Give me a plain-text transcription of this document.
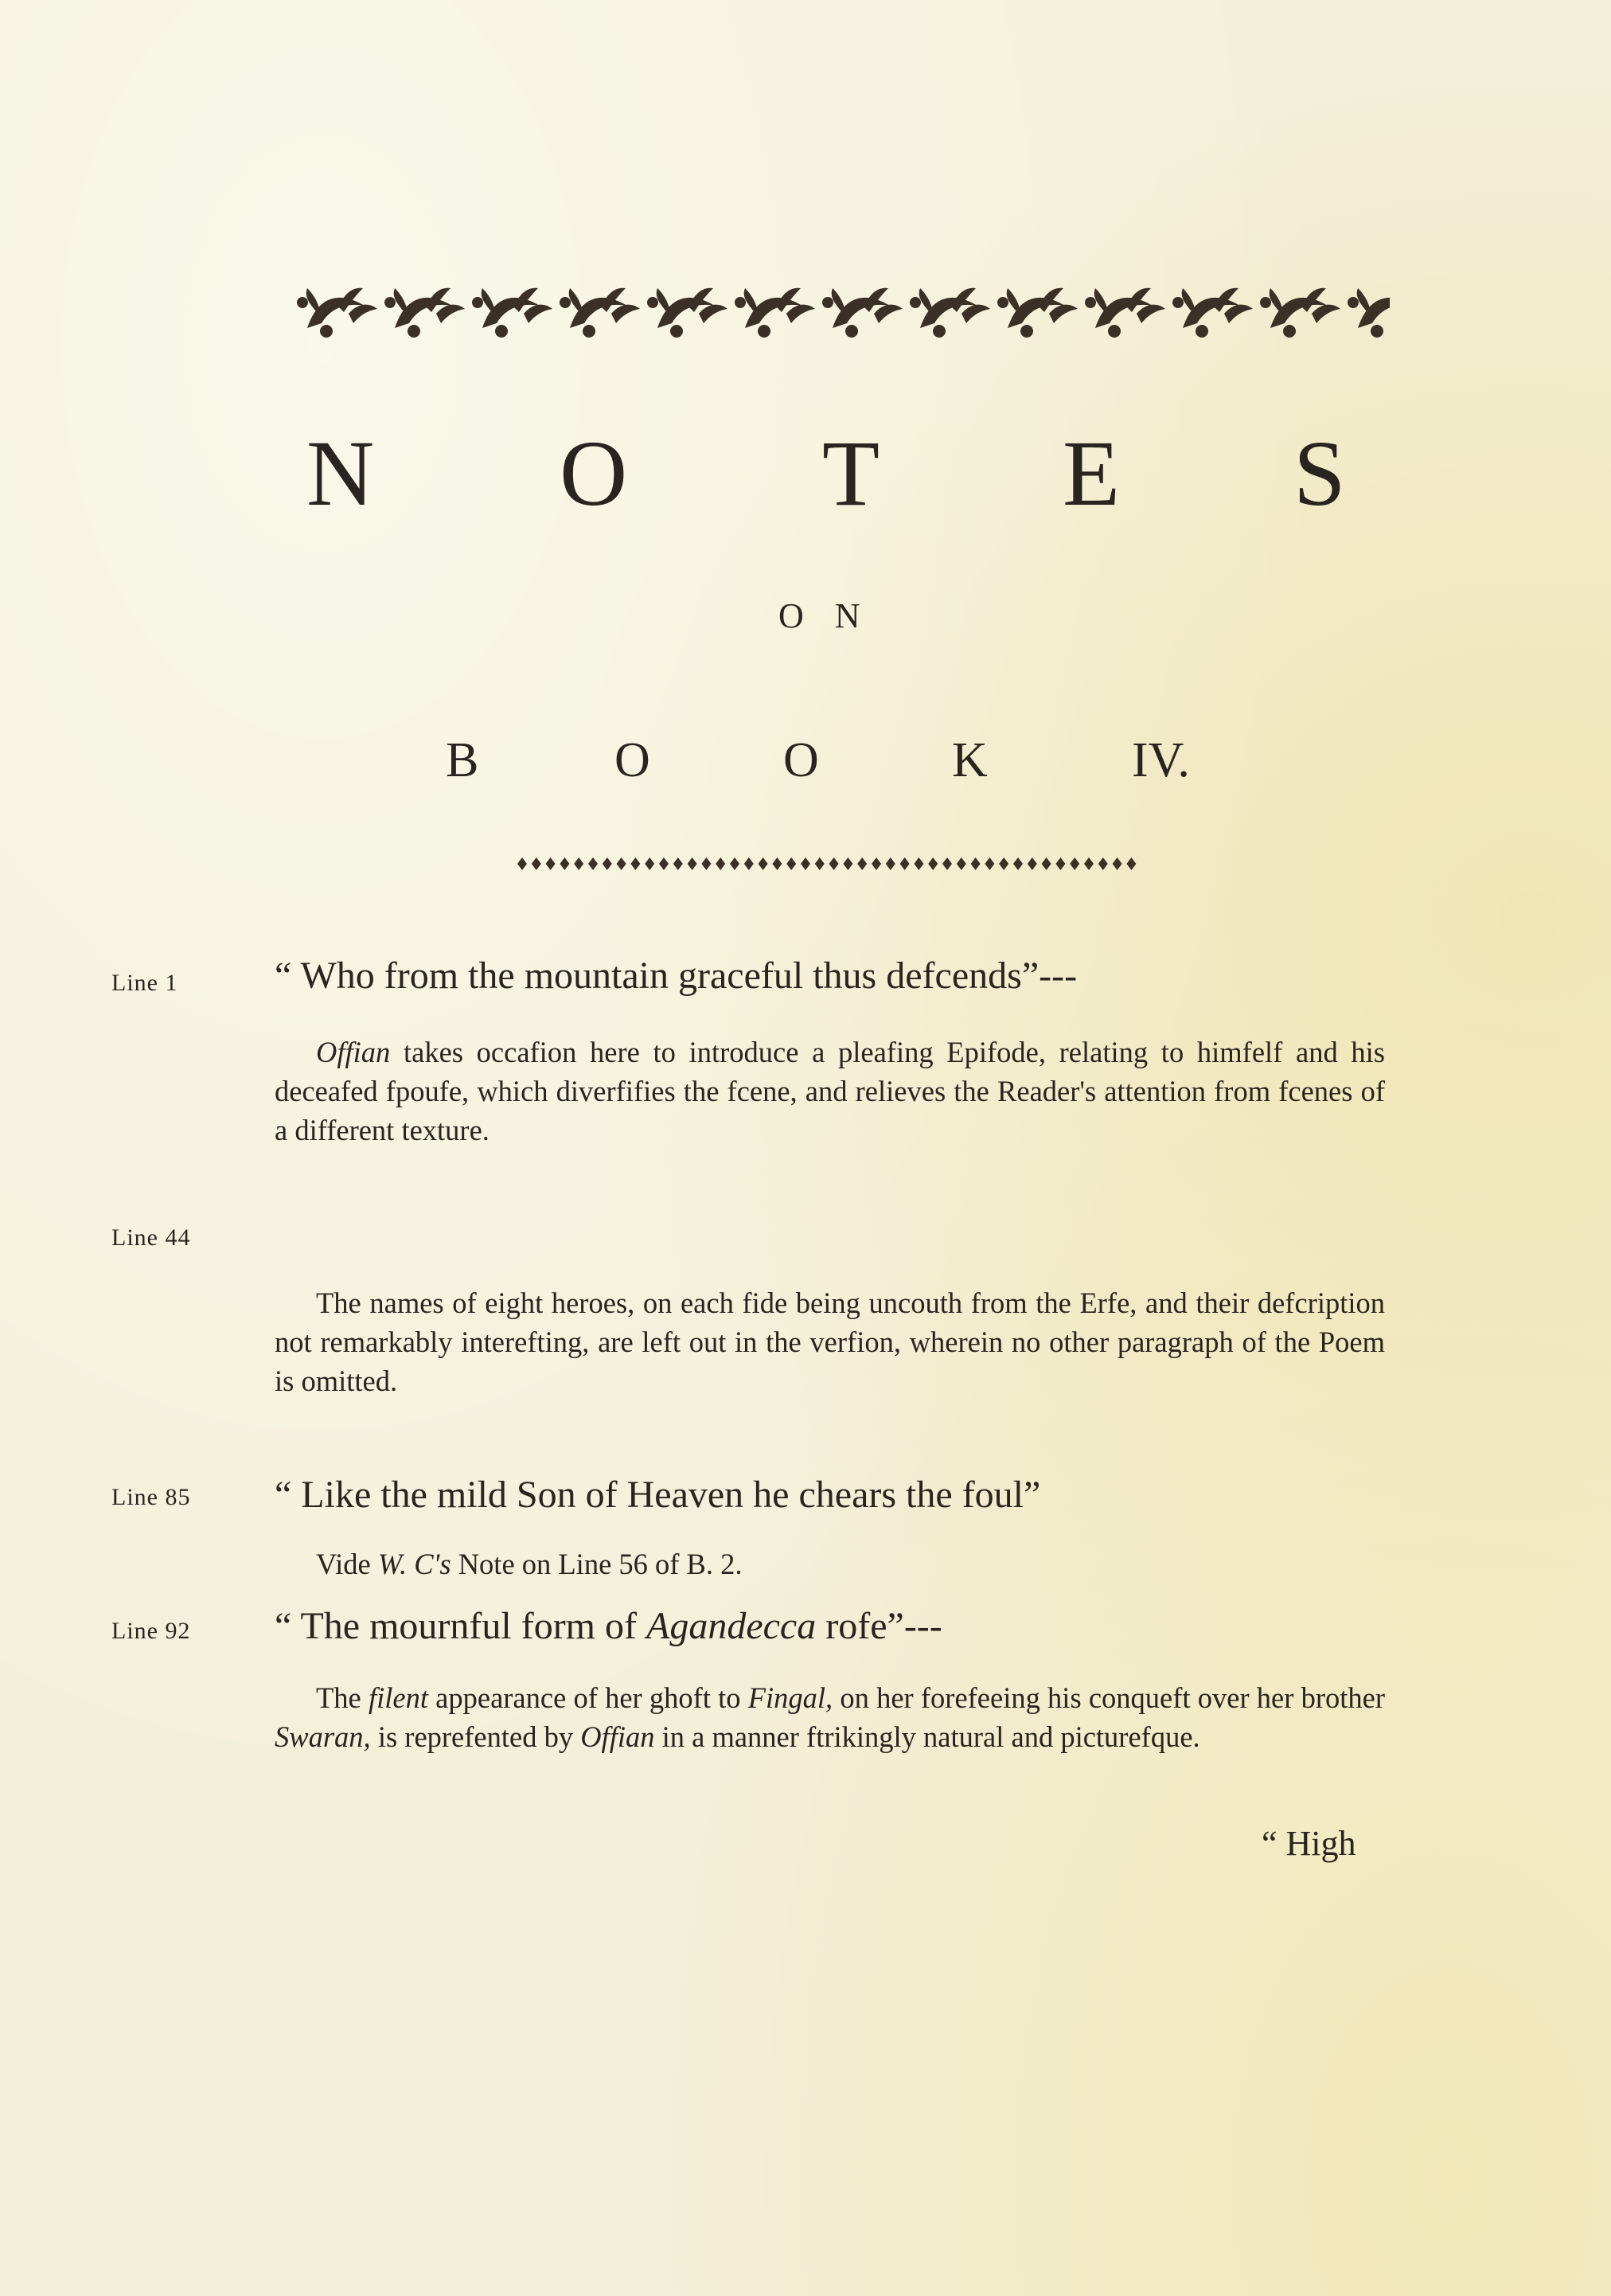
N O T E S
O N
B	O	O	K	IV.
Line 1	“ Who from the mountain graceful thus defcends”---
Offian takes occafion here to introduce a pleafing Epifode, relating to himfelf and his deceafed fpoufe, which diverfifies the fcene, and relieves the Reader's attention from fcenes of a different texture.
Line 44
The names of eight heroes, on each fide being uncouth from the Erfe, and their defcription not remarkably interefting, are left out in the verfion, wherein no other paragraph of the Poem is omitted.
Line 85 “ Like the mild Son of Heaven he chears the foul”
Vide W. C's Note on Line 56 of B. 2.
Line 92 “ The mournful form of Agandecca rofe”---
The filent appearance of her ghoft to Fingal, on her forefeeing his conqueft over her brother Swaran, is reprefented by Offian in a manner ftrikingly natural and picturefque.
“ High
